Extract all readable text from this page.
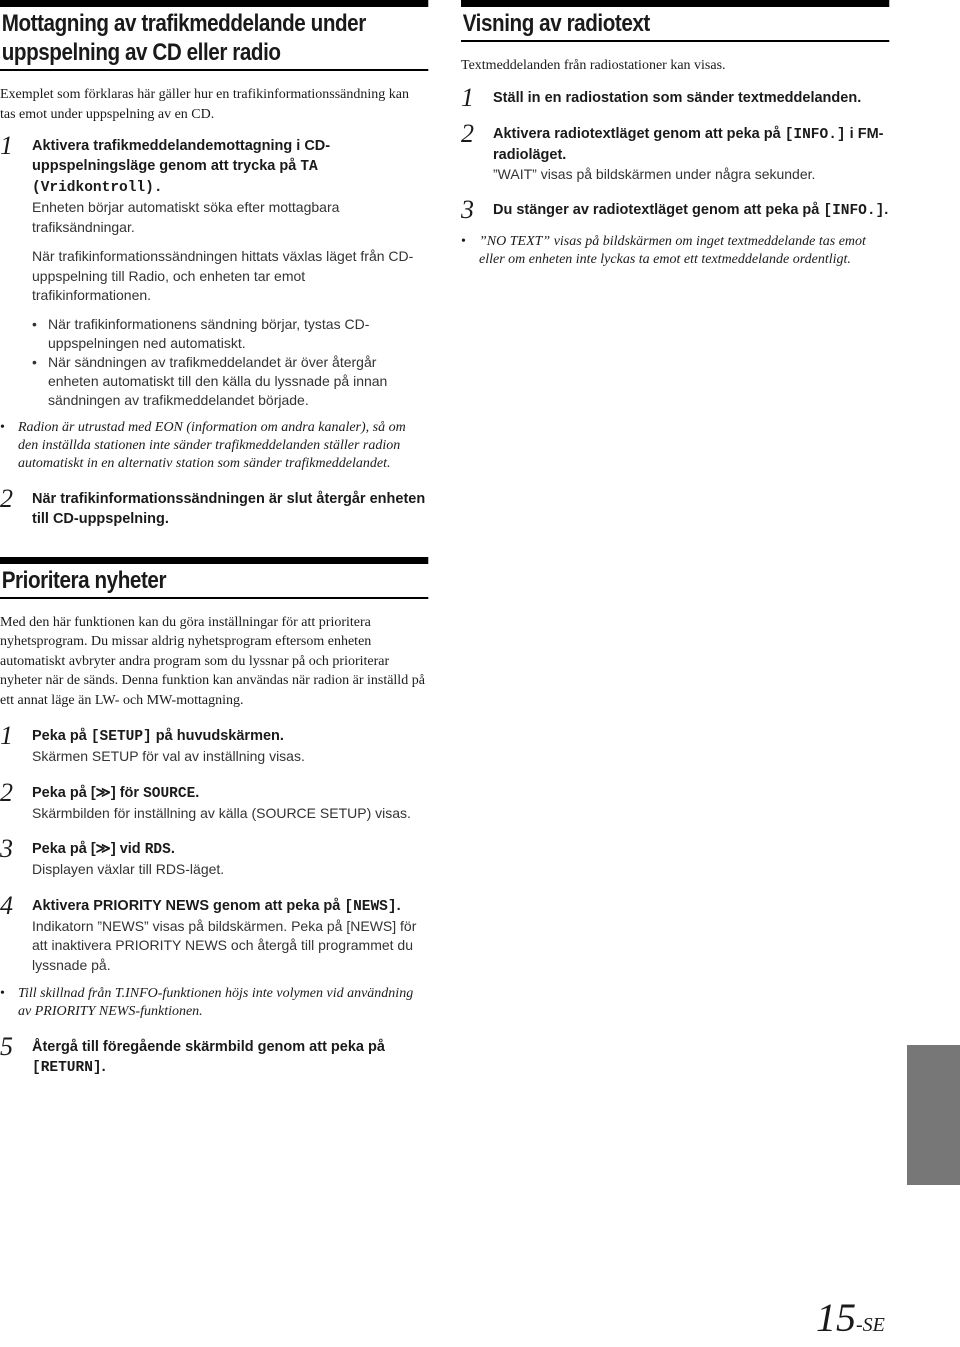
Mottagning av trafikmeddelande under
uppspelning av CD eller radio
Exemplet som förklaras här gäller hur en trafikinformationssändning kan tas emot under uppspelning av en CD.
1 Aktivera trafikmeddelandemottagning i CD-uppspelningsläge genom att trycka på TA (Vridkontroll).
Enheten börjar automatiskt söka efter mottagbara trafiksändningar.
När trafikinformationssändningen hittats växlas läget från CD-uppspelning till Radio, och enheten tar emot trafikinformationen.
• När trafikinformationens sändning börjar, tystas CD-uppspelningen ned automatiskt.
• När sändningen av trafikmeddelandet är över återgår enheten automatiskt till den källa du lyssnade på innan sändningen av trafikmeddelandet började.
• Radion är utrustad med EON (information om andra kanaler), så om den inställda stationen inte sänder trafikmeddelanden ställer radion automatiskt in en alternativ station som sänder trafikmeddelandet.
2 När trafikinformationssändningen är slut återgår enheten till CD-uppspelning.
Prioritera nyheter
Med den här funktionen kan du göra inställningar för att prioritera nyhetsprogram. Du missar aldrig nyhetsprogram eftersom enheten automatiskt avbryter andra program som du lyssnar på och prioriterar nyheter när de sänds. Denna funktion kan användas när radion är inställd på ett annat läge än LW- och MW-mottagning.
1 Peka på [SETUP] på huvudskärmen.
Skärmen SETUP för val av inställning visas.
2 Peka på [≫] för SOURCE.
Skärmbilden för inställning av källa (SOURCE SETUP) visas.
3 Peka på [≫] vid RDS.
Displayen växlar till RDS-läget.
4 Aktivera PRIORITY NEWS genom att peka på [NEWS].
Indikatorn ”NEWS” visas på bildskärmen. Peka på [NEWS] för att inaktivera PRIORITY NEWS och återgå till programmet du lyssnade på.
• Till skillnad från T.INFO-funktionen höjs inte volymen vid användning av PRIORITY NEWS-funktionen.
5 Återgå till föregående skärmbild genom att peka på [RETURN].
Visning av radiotext
Textmeddelanden från radiostationer kan visas.
1 Ställ in en radiostation som sänder textmeddelanden.
2 Aktivera radiotextläget genom att peka på [INFO.] i FM-radioläget.
”WAIT” visas på bildskärmen under några sekunder.
3 Du stänger av radiotextläget genom att peka på [INFO.].
• ”NO TEXT” visas på bildskärmen om inget textmeddelande tas emot eller om enheten inte lyckas ta emot ett textmeddelande ordentligt.
15-SE
